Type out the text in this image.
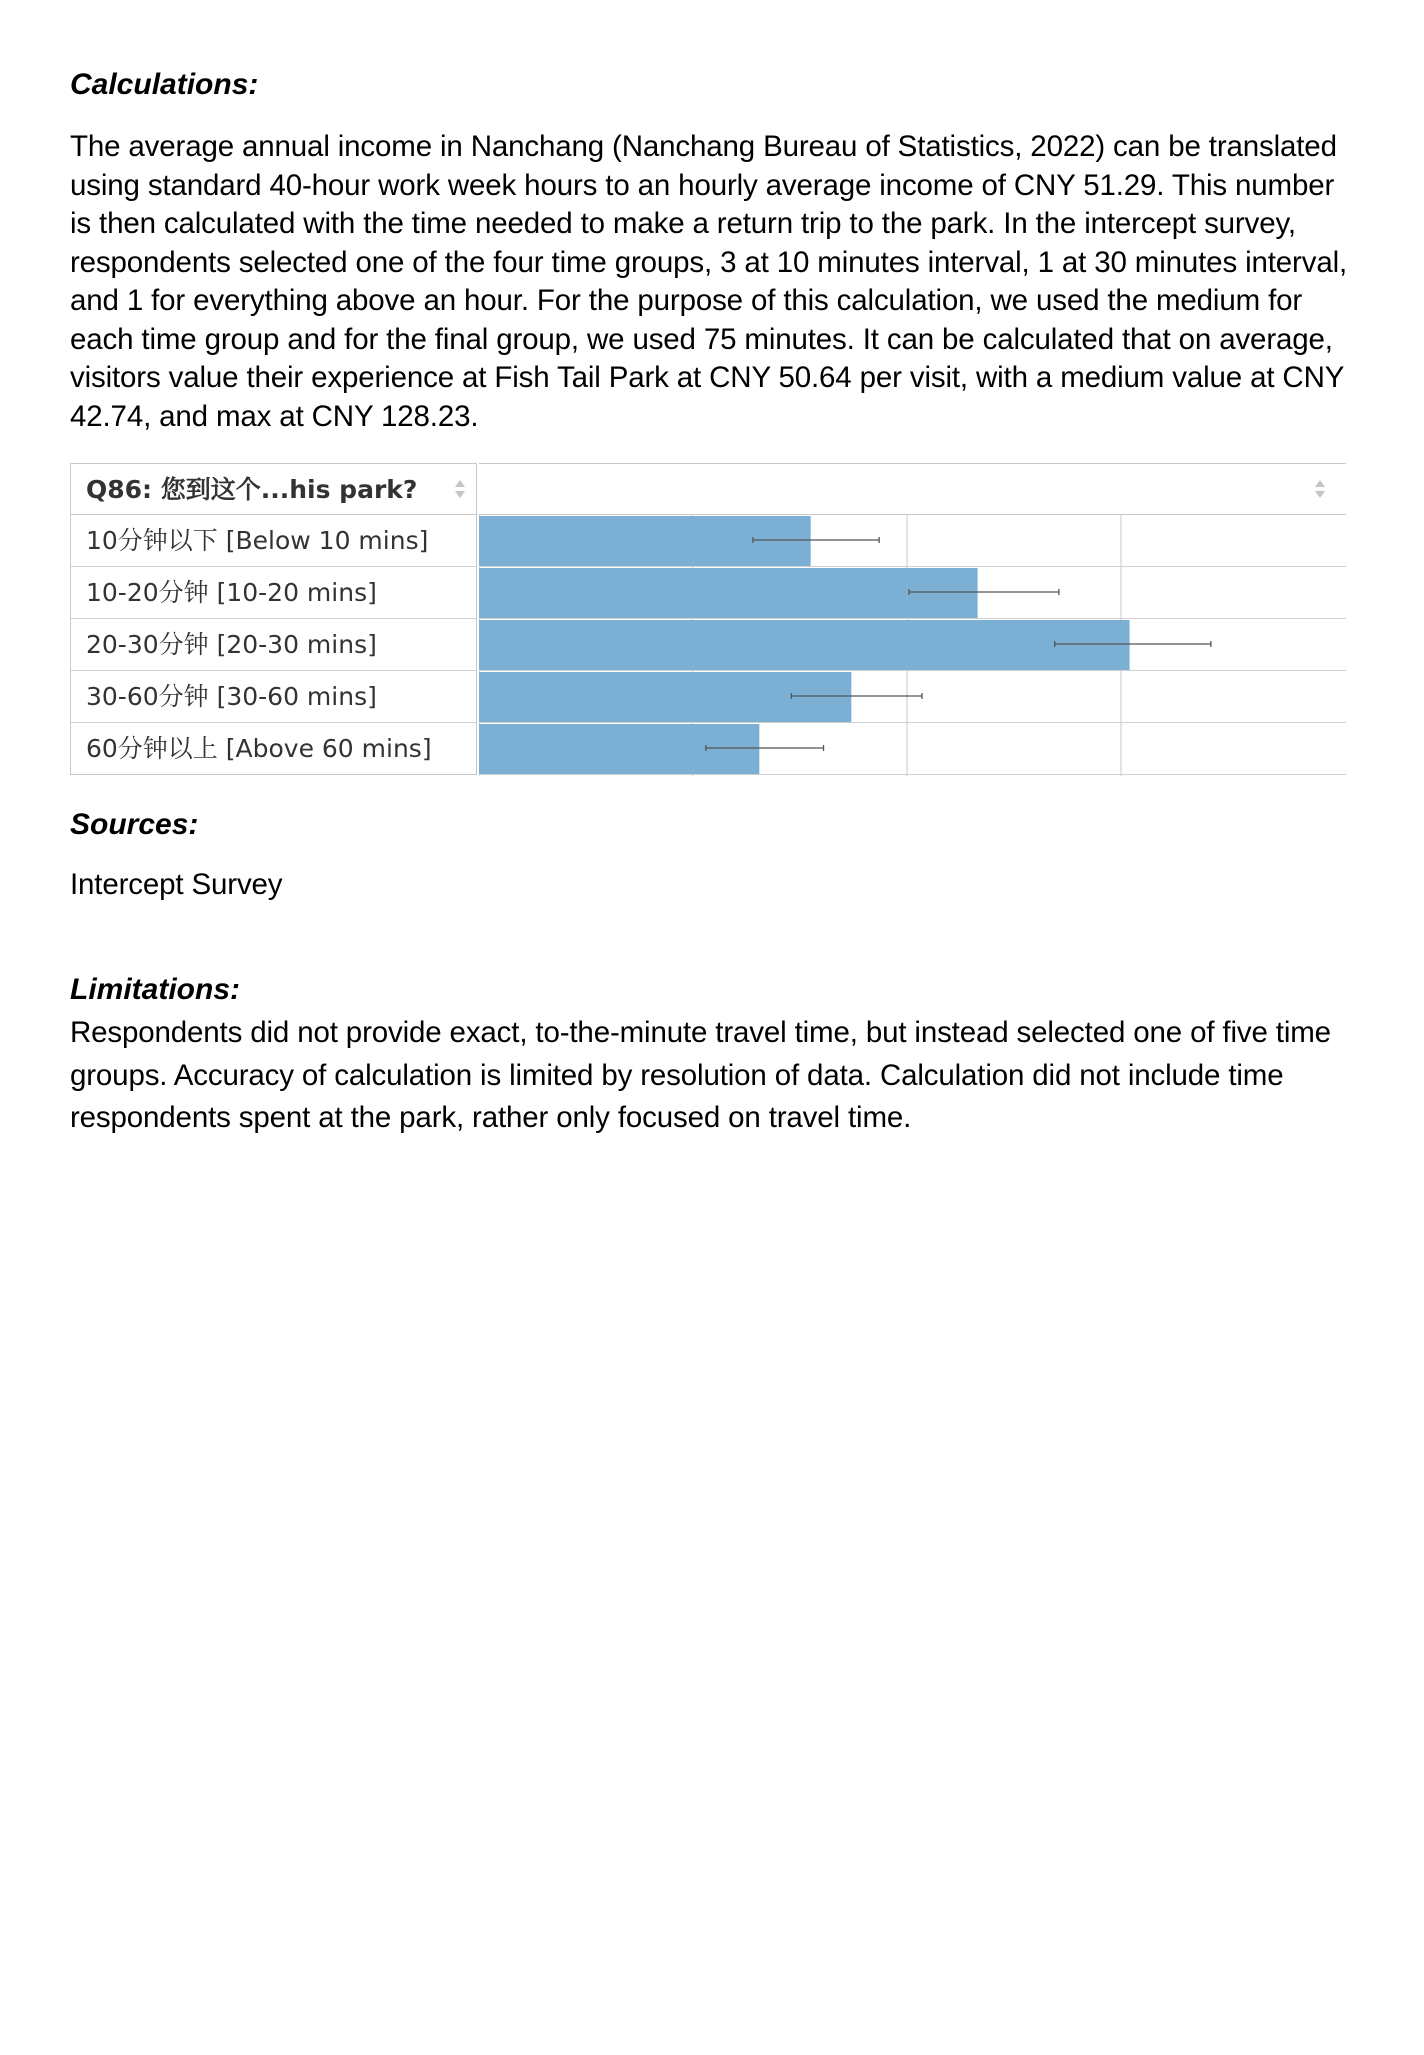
Calculations:

The average annual income in Nanchang (Nanchang Bureau of Statistics, 2022) can be translated using standard 40-hour work week hours to an hourly average income of CNY 51.29. This number is then calculated with the time needed to make a return trip to the park. In the intercept survey, respondents selected one of the four time groups, 3 at 10 minutes interval, 1 at 30 minutes interval, and 1 for everything above an hour. For the purpose of this calculation, we used the medium for each time group and for the final group, we used 75 minutes. It can be calculated that on average, visitors value their experience at Fish Tail Park at CNY 50.64 per visit, with a medium value at CNY 42.74, and max at CNY 128.23.

Q86: 您到这个...his park?
10分钟以下 [Below 10 mins]
10-20分钟 [10-20 mins]
20-30分钟 [20-30 mins]
30-60分钟 [30-60 mins]
60分钟以上 [Above 60 mins]
Sources:

Intercept Survey

Limitations:

Respondents did not provide exact, to-the-minute travel time, but instead selected one of five time groups. Accuracy of calculation is limited by resolution of data. Calculation did not include time respondents spent at the park, rather only focused on travel time.
